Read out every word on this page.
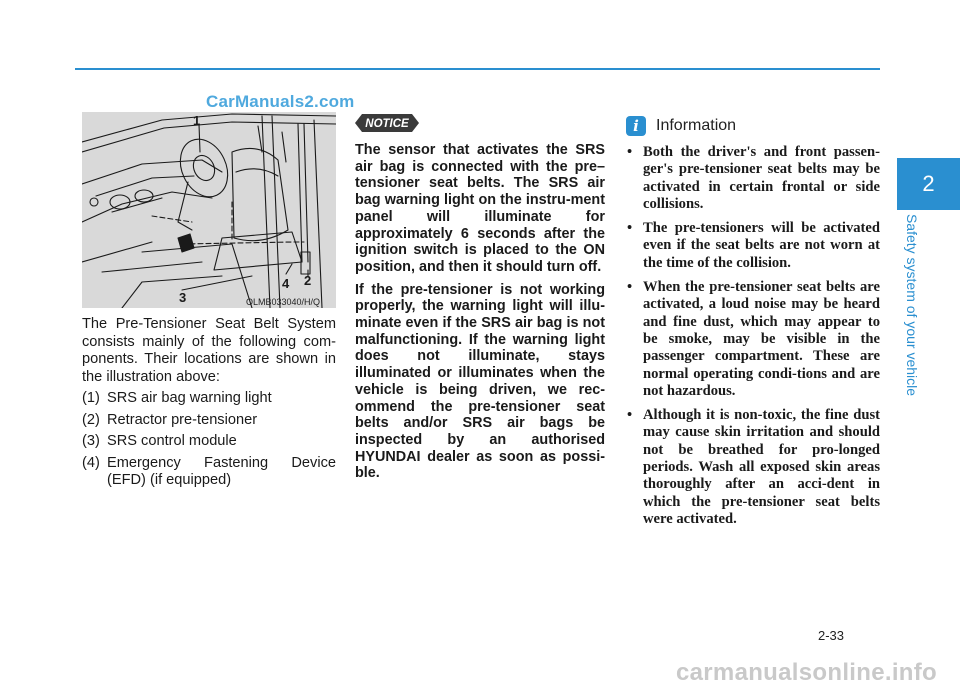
CarManuals2.com
1
2
3
4
OLMB033040/H/Q

The Pre-Tensioner Seat Belt System consists mainly of the following com-ponents. Their locations are shown in the illustration above:

(1) SRS air bag warning light
(2) Retractor pre-tensioner
(3) SRS control module
(4) Emergency Fastening Device (EFD) (if equipped)
NOTICE

The sensor that activates the SRS air bag is connected with the pre–tensioner seat belts. The SRS air bag warning light on the instru-ment panel will illuminate for approximately 6 seconds after the ignition switch is placed to the ON position, and then it should turn off.

If the pre-tensioner is not working properly, the warning light will illu-minate even if the SRS air bag is not malfunctioning. If the warning light does not illuminate, stays illuminated or illuminates when the vehicle is being driven, we rec-ommend the pre-tensioner seat belts and/or SRS air bags be inspected by an authorised HYUNDAI dealer as soon as possi-ble.

i	Information
• Both the driver's and front passen-ger's pre-tensioner seat belts may be activated in certain frontal or side collisions.
• The pre-tensioners will be activated even if the seat belts are not worn at the time of the collision.
• When the pre-tensioner seat belts are activated, a loud noise may be heard and fine dust, which may appear to be smoke, may be visible in the passenger compartment. These are normal operating condi-tions and are not hazardous.
• Although it is non-toxic, the fine dust may cause skin irritation and should not be breathed for pro-longed periods. Wash all exposed skin areas thoroughly after an acci-dent in which the pre-tensioner seat belts were activated.
2
Safety system of your vehicle
2-33
carmanualsonline.info
